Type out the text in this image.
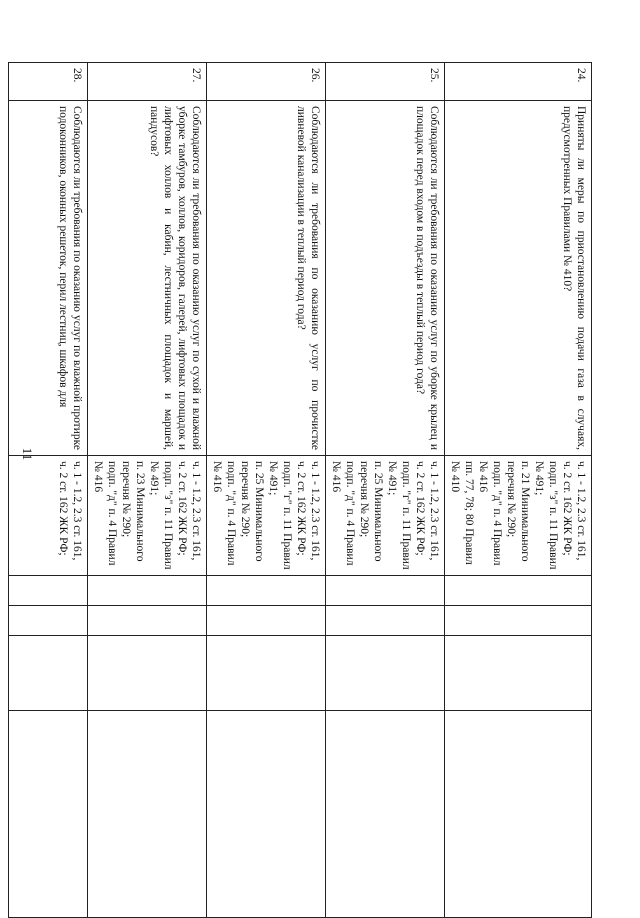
11
24.	Приняты ли меры по приостановлению подачи газа в случаях, предусмотренных Правилами № 410?	ч. 1 - 1.2, 2.3 ст. 161, ч. 2 ст. 162 ЖК РФ;
подп. "з" п. 11 Правил № 491;
п. 21 Минимального перечня № 290;
подп. "д" п. 4 Правил № 416
пп. 77, 78; 80 Правил № 410				

25.	Соблюдаются ли требования по оказанию услуг по уборке крылец и площадок перед входом в подъезды в теплый период года?	ч. 1 - 1.2, 2.3 ст. 161, ч. 2 ст. 162 ЖК РФ;
подп. "г" п. 11 Правил № 491;
п. 25 Минимального перечня № 290;
подп. "д" п. 4 Правил № 416				

26.	Соблюдаются ли требования по оказанию услуг по прочистке ливневой канализации в теплый период года?	ч. 1 - 1.2, 2.3 ст. 161, ч. 2 ст. 162 ЖК РФ;
подп. "г" п. 11 Правил № 491;
п. 25 Минимального перечня № 290;
подп. "д" п. 4 Правил № 416				

27.	Соблюдаются ли требования по оказанию услуг по сухой и влажной уборке тамбуров, холлов, коридоров, галерей, лифтовых площадок и лифтовых холлов и кабин, лестничных площадок и маршей, пандусов?	ч. 1 - 1.2, 2.3 ст. 161, ч. 2 ст. 162 ЖК РФ;
подп. "з" п. 11 Правил № 491;
п. 23 Минимального перечня № 290;
подп. "д" п. 4 Правил № 416				

28.	Соблюдаются ли требования по оказанию услуг по влажной протирке подоконников, оконных решеток, перил лестниц, шкафов для	ч. 1 - 1.2, 2.3 ст. 161, ч. 2 ст. 162 ЖК РФ;				
